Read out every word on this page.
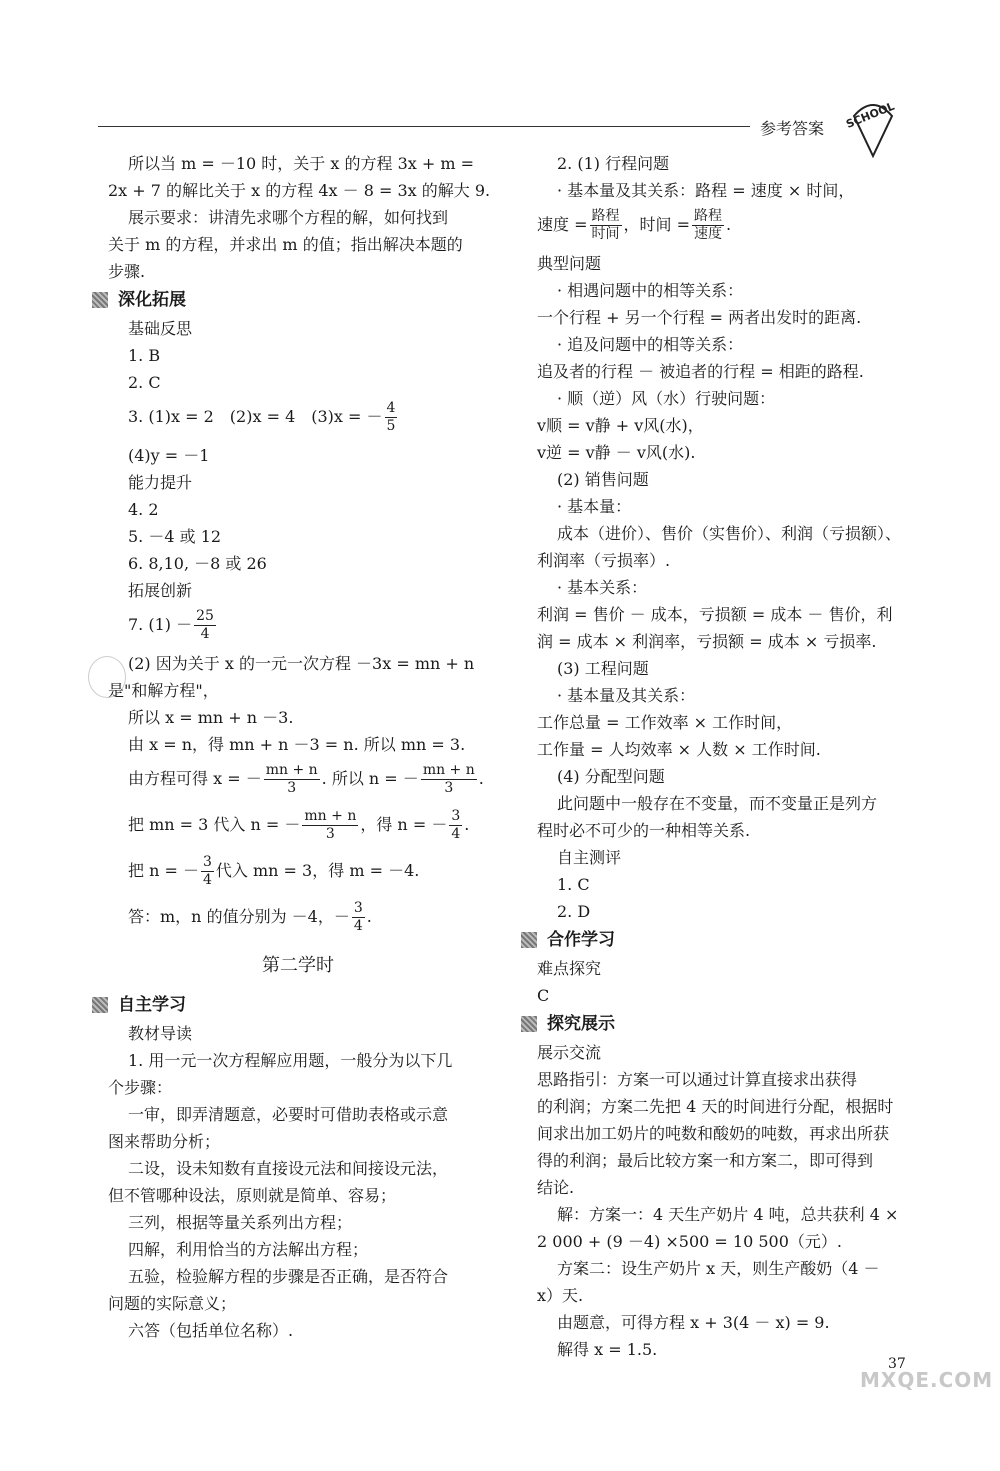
参考答案 SCHOOL
所以当 m = －10 时，关于 x 的方程 3x + m =
2x + 7 的解比关于 x 的方程 4x － 8 = 3x 的解大 9.
展示要求：讲清先求哪个方程的解，如何找到
关于 m 的方程，并求出 m 的值；指出解决本题的
步骤.
深化拓展
基础反思
1. B
2. C
3. (1)x = 2　(2)x = 4　(3)x = － $\frac{4}{5}$
(4)y = －1
能力提升
4. 2
5. －4 或 12
6. 8,10, －8 或 26
拓展创新
7. $(1) - \frac{25}{4}$
(2) 因为关于 x 的一元一次方程 －3x = mn + n
是"和解方程"，
所以 x = mn + n －3.
由 x = n，得 mn + n －3 = n. 所以 mn = 3.
由方程可得 x = － $\frac{mn + n}{3}$ . 所以 n = － $\frac{mn + n}{3}$ .
把 mn = 3 代入 n = － $\frac{mn + n}{3}$ ，得 n = － $\frac{3}{4}$ .
把 n = － $\frac{3}{4}$ 代入 mn = 3，得 m = －4.
答：m，n 的值分别为 －4，－ $\frac{3}{4}$ .
第二学时
自主学习
教材导读
1. 用一元一次方程解应用题，一般分为以下几
个步骤：
一审，即弄清题意，必要时可借助表格或示意
图来帮助分析；
二设，设未知数有直接设元法和间接设元法，
但不管哪种设法，原则就是简单、容易；
三列，根据等量关系列出方程；
四解，利用恰当的方法解出方程；
五验，检验解方程的步骤是否正确，是否符合
问题的实际意义；
六答（包括单位名称）.
2. (1) 行程问题
· 基本量及其关系：路程 = 速度 × 时间，
速度 = $\frac{\text{路程}}{\text{时间}}$ ，时间 = $\frac{\text{路程}}{\text{速度}}$ .
典型问题
· 相遇问题中的相等关系：
一个行程 + 另一个行程 = 两者出发时的距离.
· 追及问题中的相等关系：
追及者的行程 － 被追者的行程 = 相距的路程.
· 顺（逆）风（水）行驶问题：
v顺 = v静 + v风(水)，
v逆 = v静 － v风(水).
(2) 销售问题
· 基本量：
成本（进价）、售价（实售价）、利润（亏损额）、
利润率（亏损率）.
· 基本关系：
利润 = 售价 － 成本，亏损额 = 成本 － 售价，利
润 = 成本 × 利润率，亏损额 = 成本 × 亏损率.
(3) 工程问题
· 基本量及其关系：
工作总量 = 工作效率 × 工作时间，
工作量 = 人均效率 × 人数 × 工作时间.
(4) 分配型问题
此问题中一般存在不变量，而不变量正是列方
程时必不可少的一种相等关系.
自主测评
1. C
2. D
合作学习
难点探究
C
探究展示
展示交流
思路指引：方案一可以通过计算直接求出获得
的利润；方案二先把 4 天的时间进行分配，根据时
间求出加工奶片的吨数和酸奶的吨数，再求出所获
得的利润；最后比较方案一和方案二，即可得到
结论.
解：方案一：4 天生产奶片 4 吨，总共获利 4 ×
2 000 + (9 －4) ×500 = 10 500（元）.
方案二：设生产奶片 x 天，则生产酸奶（4 －
x）天.
由题意，可得方程 x + 3(4 － x) = 9.
解得 x = 1.5.
37
MXQE.COM
